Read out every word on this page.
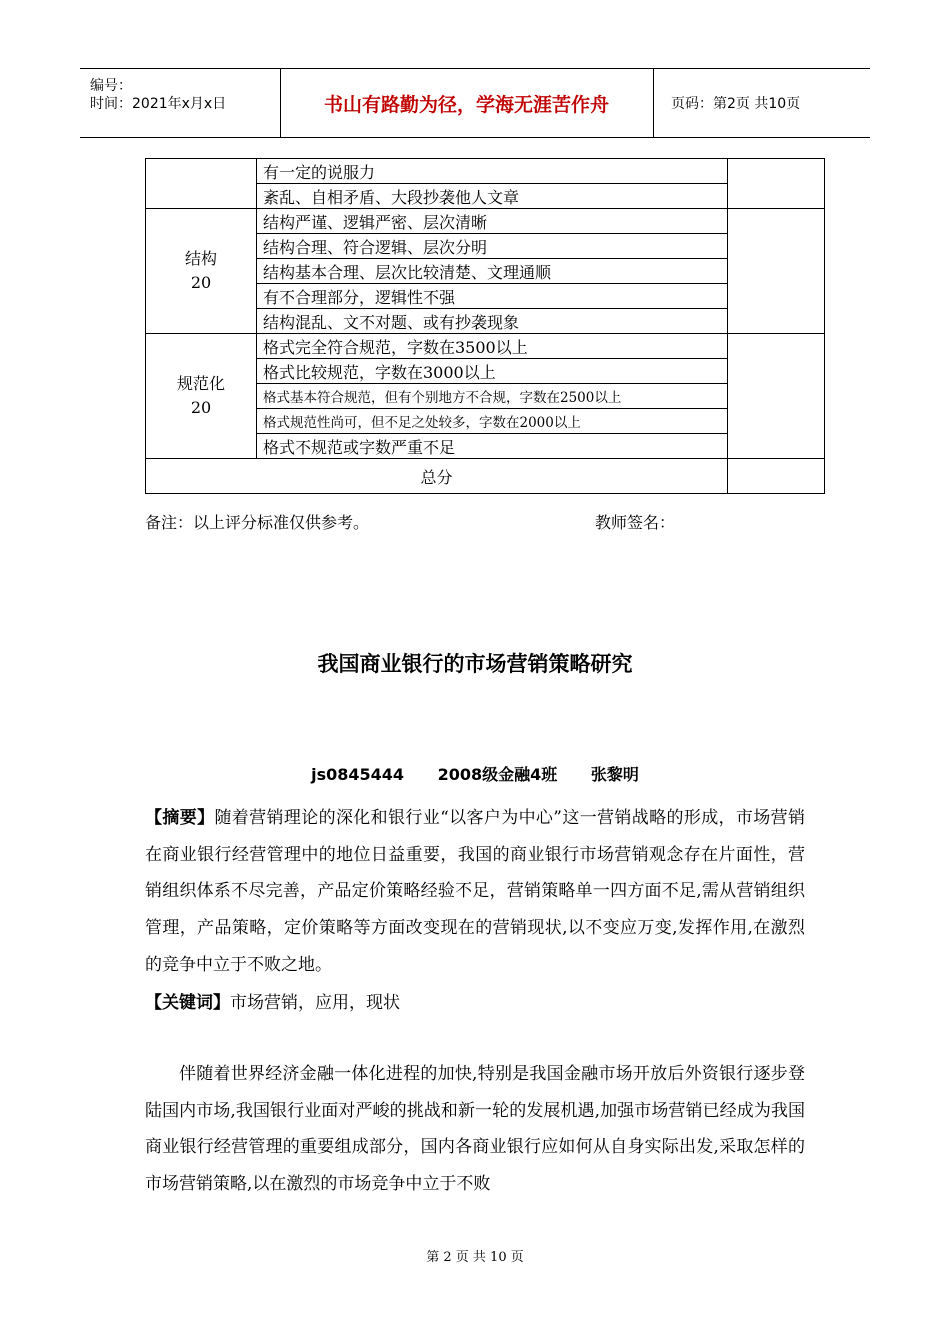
编号：
时间：2021年x月x日	书山有路勤为径，学海无涯苦作舟	页码：第2页 共10页
	有一定的说服力	
	紊乱、自相矛盾、大段抄袭他人文章	

结构
20	结构严谨、逻辑严密、层次清晰	
	结构合理、符合逻辑、层次分明	
	结构基本合理、层次比较清楚、文理通顺	
	有不合理部分，逻辑性不强	
	结构混乱、文不对题、或有抄袭现象	

规范化
20	格式完全符合规范，字数在3500以上	
	格式比较规范，字数在3000以上	
	格式基本符合规范，但有个别地方不合规，字数在2500以上	
	格式规范性尚可，但不足之处较多，字数在2000以上	
	格式不规范或字数严重不足	
总分		
备注：以上评分标准仅供参考。	教师签名：
我国商业银行的市场营销策略研究
js0845444 2008级金融4班 张黎明
【摘要】随着营销理论的深化和银行业“以客户为中心”这一营销战略的形成，市场营销在商业银行经营管理中的地位日益重要，我国的商业银行市场营销观念存在片面性，营销组织体系不尽完善，产品定价策略经验不足，营销策略单一四方面不足,需从营销组织管理，产品策略，定价策略等方面改变现在的营销现状,以不变应万变,发挥作用,在激烈的竞争中立于不败之地。
【关键词】市场营销，应用，现状
伴随着世界经济金融一体化进程的加快,特别是我国金融市场开放后外资银行逐步登陆国内市场,我国银行业面对严峻的挑战和新一轮的发展机遇,加强市场营销已经成为我国商业银行经营管理的重要组成部分，国内各商业银行应如何从自身实际出发,采取怎样的市场营销策略,以在激烈的市场竞争中立于不败
第 2 页 共 10 页
